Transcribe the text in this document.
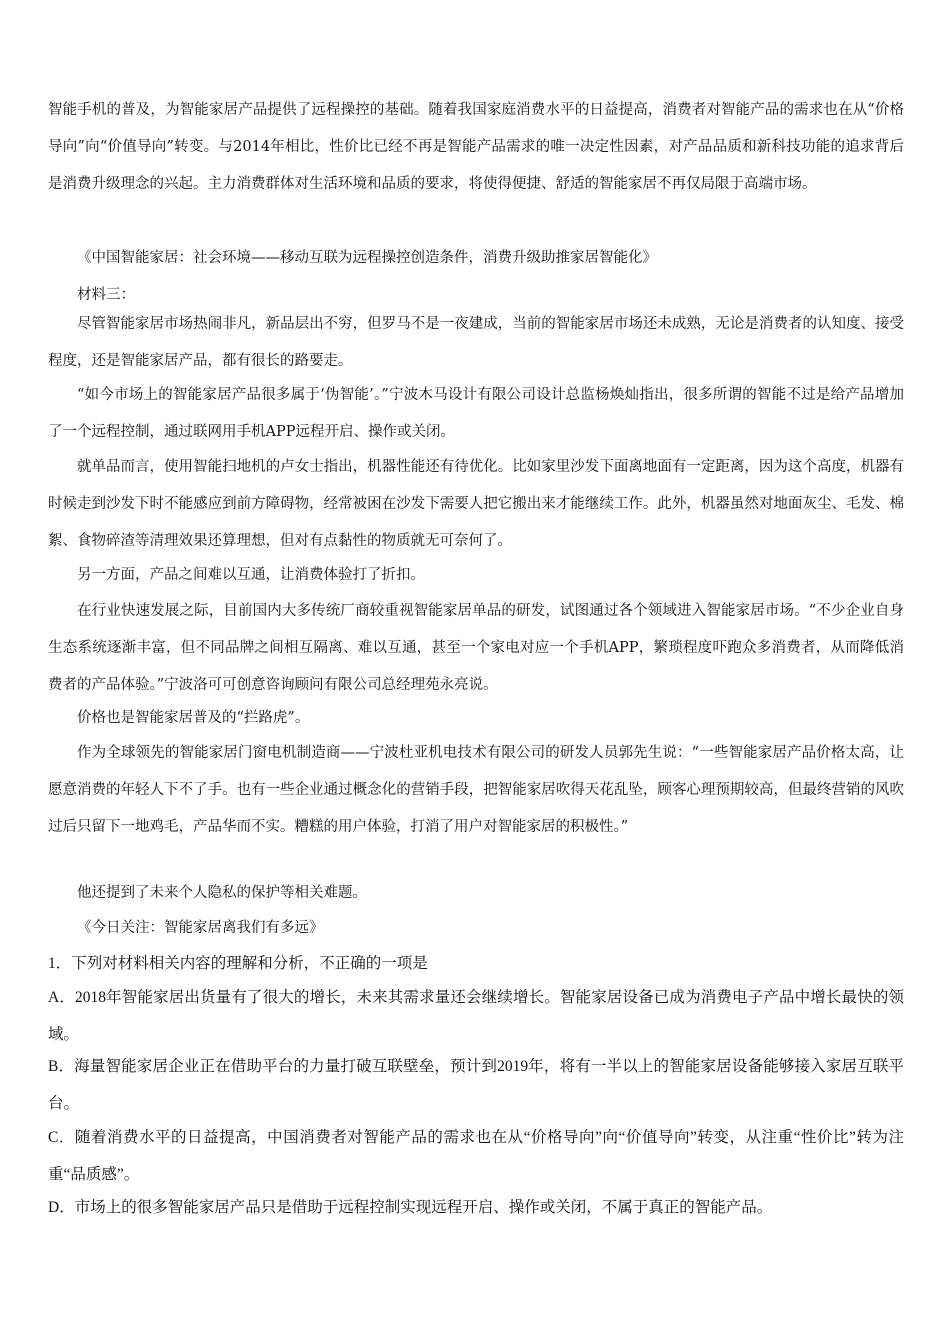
智能手机的普及，为智能家居产品提供了远程操控的基础。随着我国家庭消费水平的日益提高，消费者对智能产品的需求也在从“价格导向”向“价值导向”转变。与2014年相比，性价比已经不再是智能产品需求的唯一决定性因素，对产品品质和新科技功能的追求背后是消费升级理念的兴起。主力消费群体对生活环境和品质的要求，将使得便捷、舒适的智能家居不再仅局限于高端市场。

《中国智能家居：社会环境——移动互联为远程操控创造条件，消费升级助推家居智能化》

材料三：

尽管智能家居市场热闹非凡，新品层出不穷，但罗马不是一夜建成，当前的智能家居市场还未成熟，无论是消费者的认知度、接受程度，还是智能家居产品，都有很长的路要走。

“如今市场上的智能家居产品很多属于‘伪智能’。”宁波木马设计有限公司设计总监杨焕灿指出，很多所谓的智能不过是给产品增加了一个远程控制，通过联网用手机APP远程开启、操作或关闭。

就单品而言，使用智能扫地机的卢女士指出，机器性能还有待优化。比如家里沙发下面离地面有一定距离，因为这个高度，机器有时候走到沙发下时不能感应到前方障碍物，经常被困在沙发下需要人把它搬出来才能继续工作。此外，机器虽然对地面灰尘、毛发、棉絮、食物碎渣等清理效果还算理想，但对有点黏性的物质就无可奈何了。

另一方面，产品之间难以互通，让消费体验打了折扣。

在行业快速发展之际，目前国内大多传统厂商较重视智能家居单品的研发，试图通过各个领域进入智能家居市场。“不少企业自身生态系统逐渐丰富，但不同品牌之间相互隔离、难以互通，甚至一个家电对应一个手机APP，繁琐程度吓跑众多消费者，从而降低消费者的产品体验。”宁波洛可可创意咨询顾问有限公司总经理苑永亮说。

价格也是智能家居普及的“拦路虎”。

作为全球领先的智能家居门窗电机制造商——宁波杜亚机电技术有限公司的研发人员郭先生说：“一些智能家居产品价格太高，让愿意消费的年轻人下不了手。也有一些企业通过概念化的营销手段，把智能家居吹得天花乱坠，顾客心理预期较高，但最终营销的风吹过后只留下一地鸡毛，产品华而不实。糟糕的用户体验，打消了用户对智能家居的积极性。”

他还提到了未来个人隐私的保护等相关难题。

《今日关注：智能家居离我们有多远》

1．下列对材料相关内容的理解和分析，不正确的一项是

A．2018年智能家居出货量有了很大的增长，未来其需求量还会继续增长。智能家居设备已成为消费电子产品中增长最快的领域。

B．海量智能家居企业正在借助平台的力量打破互联壁垒，预计到2019年，将有一半以上的智能家居设备能够接入家居互联平台。

C．随着消费水平的日益提高，中国消费者对智能产品的需求也在从“价格导向”向“价值导向”转变，从注重“性价比”转为注重“品质感”。

D．市场上的很多智能家居产品只是借助于远程控制实现远程开启、操作或关闭，不属于真正的智能产品。
